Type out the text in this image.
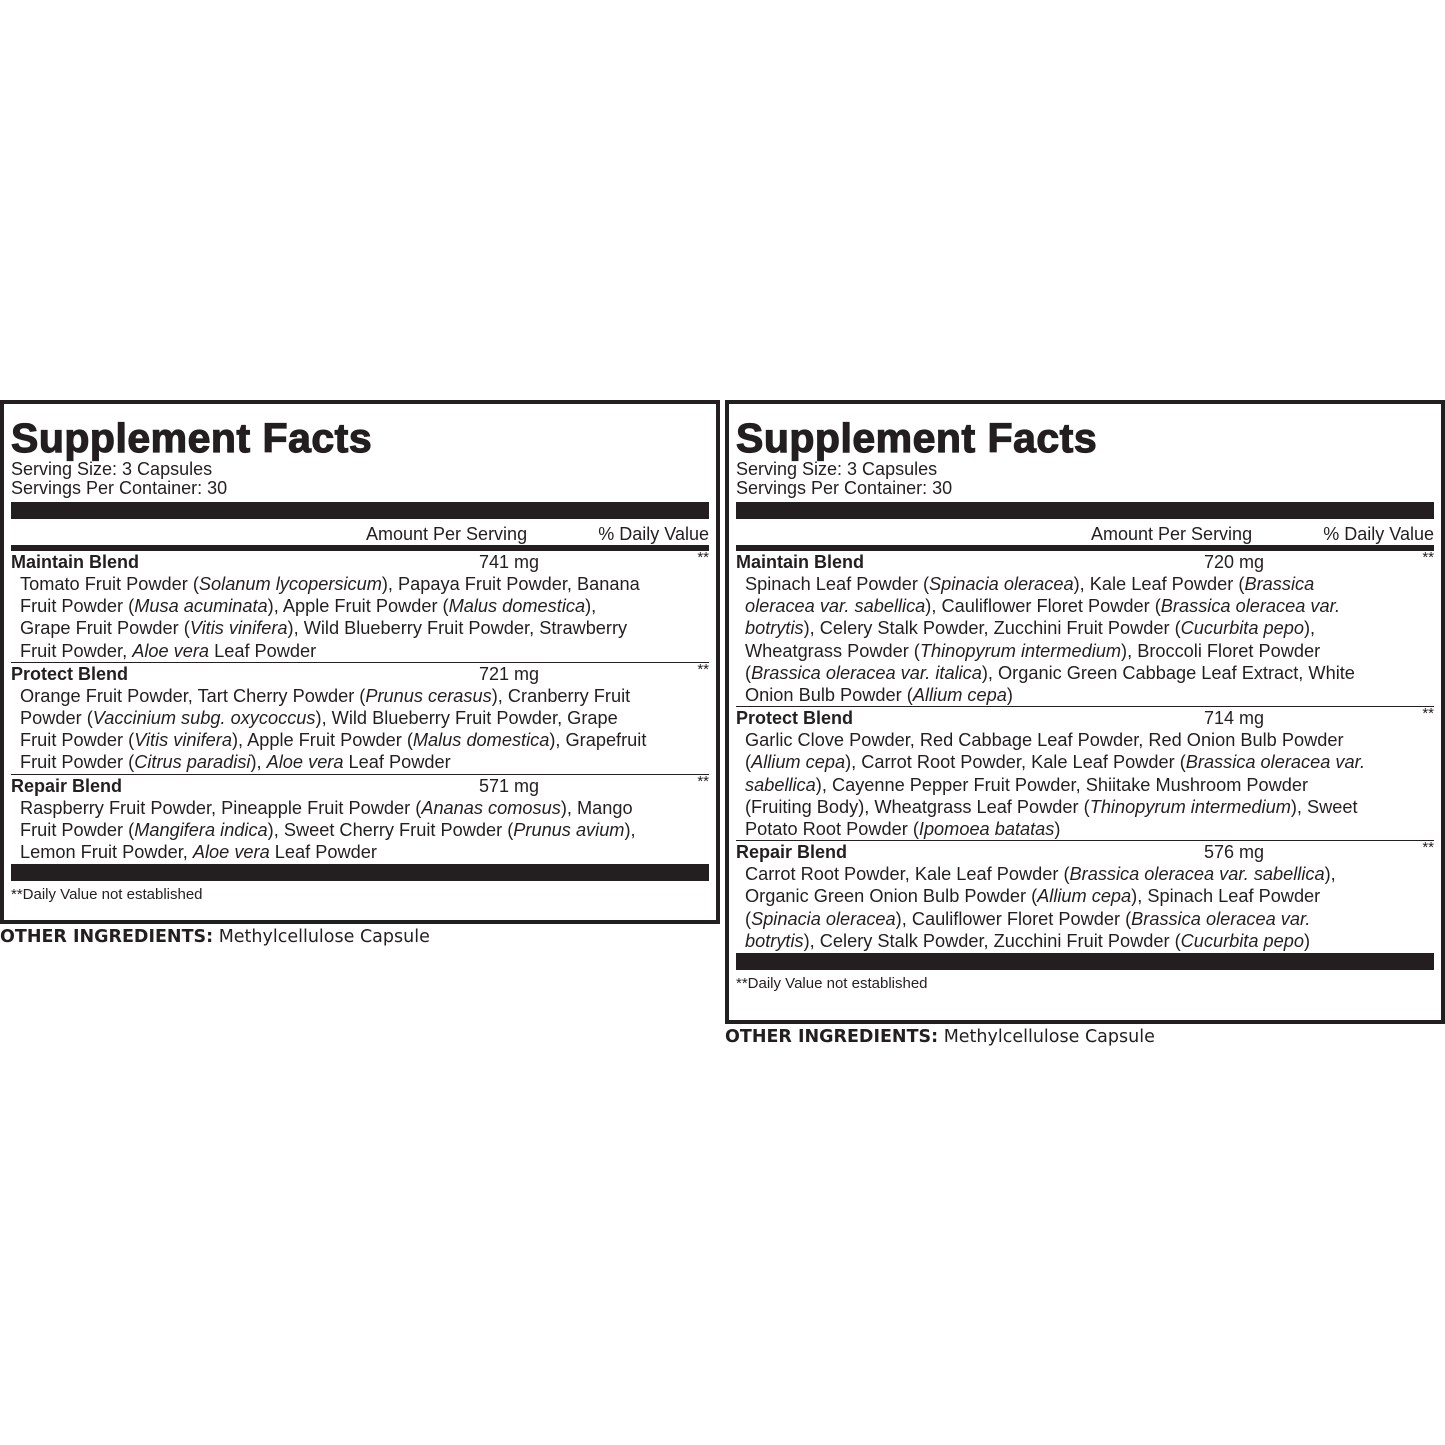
Supplement Facts
Serving Size: 3 Capsules
Servings Per Container: 30
Amount Per Serving	% Daily Value
Maintain Blend	741 mg	**
Tomato Fruit Powder (Solanum lycopersicum), Papaya Fruit Powder, Banana Fruit Powder (Musa acuminata), Apple Fruit Powder (Malus domestica), Grape Fruit Powder (Vitis vinifera), Wild Blueberry Fruit Powder, Strawberry Fruit Powder, Aloe vera Leaf Powder
Protect Blend	721 mg	**
Orange Fruit Powder, Tart Cherry Powder (Prunus cerasus), Cranberry Fruit Powder (Vaccinium subg. oxycoccus), Wild Blueberry Fruit Powder, Grape Fruit Powder (Vitis vinifera), Apple Fruit Powder (Malus domestica), Grapefruit Fruit Powder (Citrus paradisi), Aloe vera Leaf Powder
Repair Blend	571 mg	**
Raspberry Fruit Powder, Pineapple Fruit Powder (Ananas comosus), Mango Fruit Powder (Mangifera indica), Sweet Cherry Fruit Powder (Prunus avium), Lemon Fruit Powder, Aloe vera Leaf Powder
**Daily Value not established
OTHER INGREDIENTS: Methylcellulose Capsule
Supplement Facts
Serving Size: 3 Capsules
Servings Per Container: 30
Amount Per Serving	% Daily Value
Maintain Blend	720 mg	**
Spinach Leaf Powder (Spinacia oleracea), Kale Leaf Powder (Brassica oleracea var. sabellica), Cauliflower Floret Powder (Brassica oleracea var. botrytis), Celery Stalk Powder, Zucchini Fruit Powder (Cucurbita pepo), Wheatgrass Powder (Thinopyrum intermedium), Broccoli Floret Powder (Brassica oleracea var. italica), Organic Green Cabbage Leaf Extract, White Onion Bulb Powder (Allium cepa)
Protect Blend	714 mg	**
Garlic Clove Powder, Red Cabbage Leaf Powder, Red Onion Bulb Powder (Allium cepa), Carrot Root Powder, Kale Leaf Powder (Brassica oleracea var. sabellica), Cayenne Pepper Fruit Powder, Shiitake Mushroom Powder (Fruiting Body), Wheatgrass Leaf Powder (Thinopyrum intermedium), Sweet Potato Root Powder (Ipomoea batatas)
Repair Blend	576 mg	**
Carrot Root Powder, Kale Leaf Powder (Brassica oleracea var. sabellica), Organic Green Onion Bulb Powder (Allium cepa), Spinach Leaf Powder (Spinacia oleracea), Cauliflower Floret Powder (Brassica oleracea var. botrytis), Celery Stalk Powder, Zucchini Fruit Powder (Cucurbita pepo)
**Daily Value not established
OTHER INGREDIENTS: Methylcellulose Capsule
